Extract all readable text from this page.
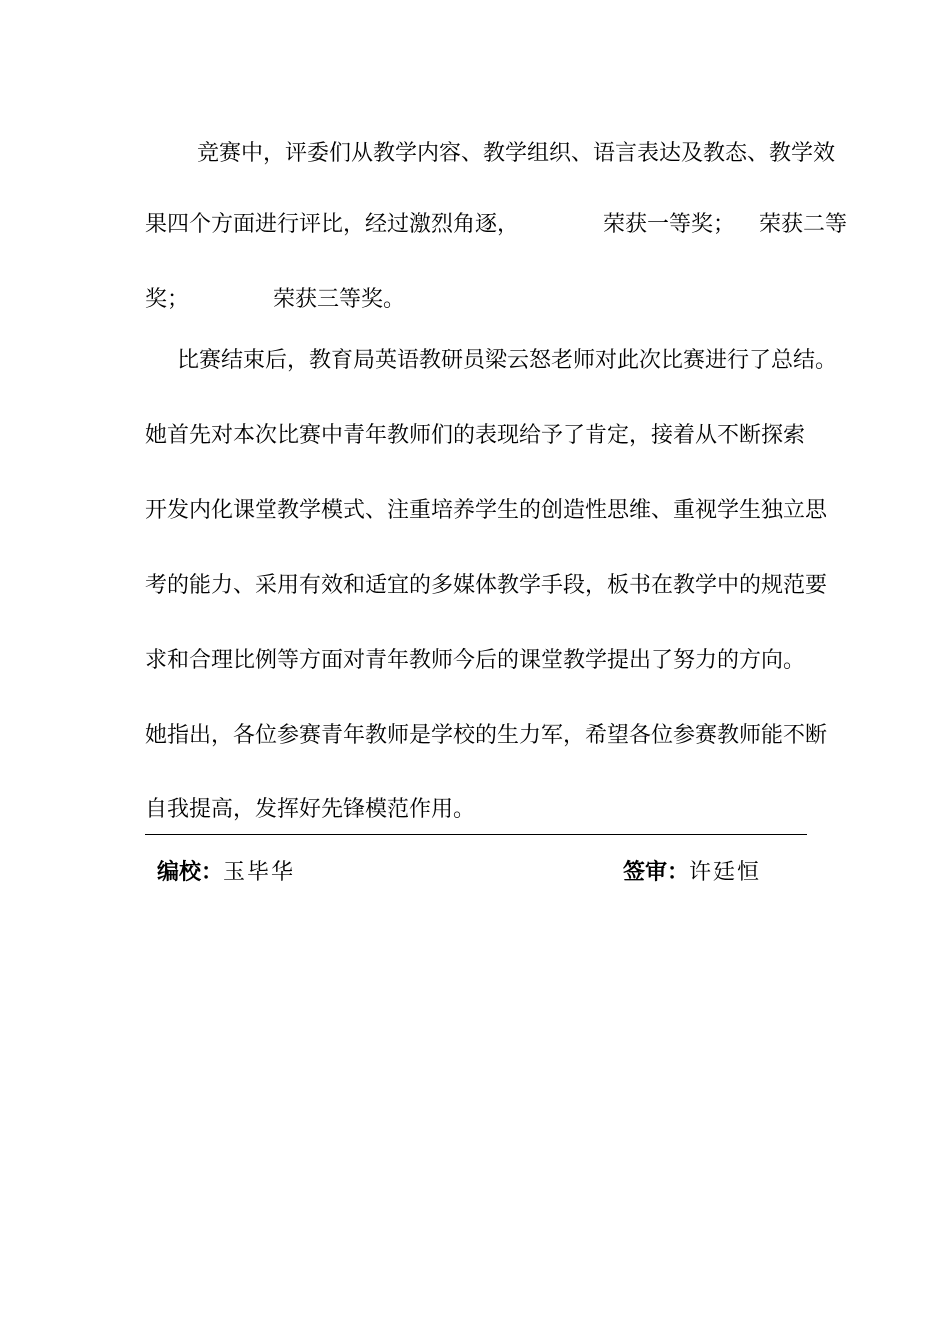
竞赛中，评委们从教学内容、教学组织、语言表达及教态、教学效
果四个方面进行评比，经过激烈角逐，	荣获一等奖； 荣获二等
奖；	荣获三等奖。
比赛结束后，教育局英语教研员梁云怒老师对此次比赛进行了总结。
她首先对本次比赛中青年教师们的表现给予了肯定，接着从不断探索
开发内化课堂教学模式、注重培养学生的创造性思维、重视学生独立思
考的能力、采用有效和适宜的多媒体教学手段，板书在教学中的规范要
求和合理比例等方面对青年教师今后的课堂教学提出了努力的方向。
她指出，各位参赛青年教师是学校的生力军，希望各位参赛教师能不断
自我提高，发挥好先锋模范作用。
编校：玉毕华	签审：许廷恒
